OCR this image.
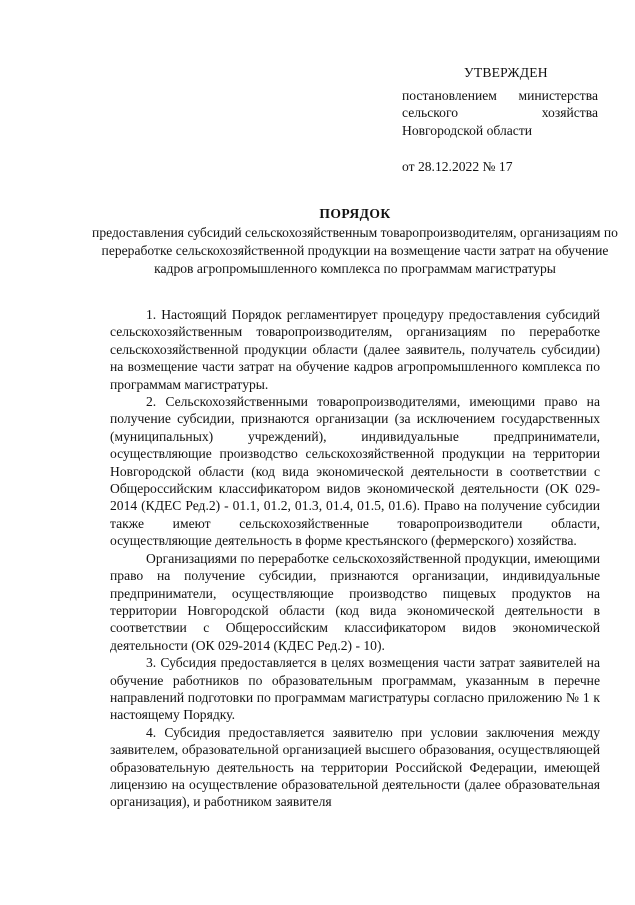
УТВЕРЖДЕН

постановлением министерства сельского хозяйства Новгородской области

от 28.12.2022 № 17

ПОРЯДОК

предоставления субсидий сельскохозяйственным товаропроизводителям, организациям по переработке сельскохозяйственной продукции на возмещение части затрат на обучение кадров агропромышленного комплекса по программам магистратуры

1. Настоящий Порядок регламентирует процедуру предоставления субсидий сельскохозяйственным товаропроизводителям, организациям по переработке сельскохозяйственной продукции области (далее заявитель, получатель субсидии) на возмещение части затрат на обучение кадров агропромышленного комплекса по программам магистратуры.

2. Сельскохозяйственными товаропроизводителями, имеющими право на получение субсидии, признаются организации (за исключением государственных (муниципальных) учреждений), индивидуальные предприниматели, осуществляющие производство сельскохозяйственной продукции на территории Новгородской области (код вида экономической деятельности в соответствии с Общероссийским классификатором видов экономической деятельности (ОК 029-2014 (КДЕС Ред.2) - 01.1, 01.2, 01.3, 01.4, 01.5, 01.6). Право на получение субсидии также имеют сельскохозяйственные товаропроизводители области, осуществляющие деятельность в форме крестьянского (фермерского) хозяйства.

Организациями по переработке сельскохозяйственной продукции, имеющими право на получение субсидии, признаются организации, индивидуальные предприниматели, осуществляющие производство пищевых продуктов на территории Новгородской области (код вида экономической деятельности в соответствии с Общероссийским классификатором видов экономической деятельности (ОК 029-2014 (КДЕС Ред.2) - 10).

3. Субсидия предоставляется в целях возмещения части затрат заявителей на обучение работников по образовательным программам, указанным в перечне направлений подготовки по программам магистратуры согласно приложению № 1 к настоящему Порядку.

4. Субсидия предоставляется заявителю при условии заключения между заявителем, образовательной организацией высшего образования, осуществляющей образовательную деятельность на территории Российской Федерации, имеющей лицензию на осуществление образовательной деятельности (далее образовательная организация), и работником заявителя
